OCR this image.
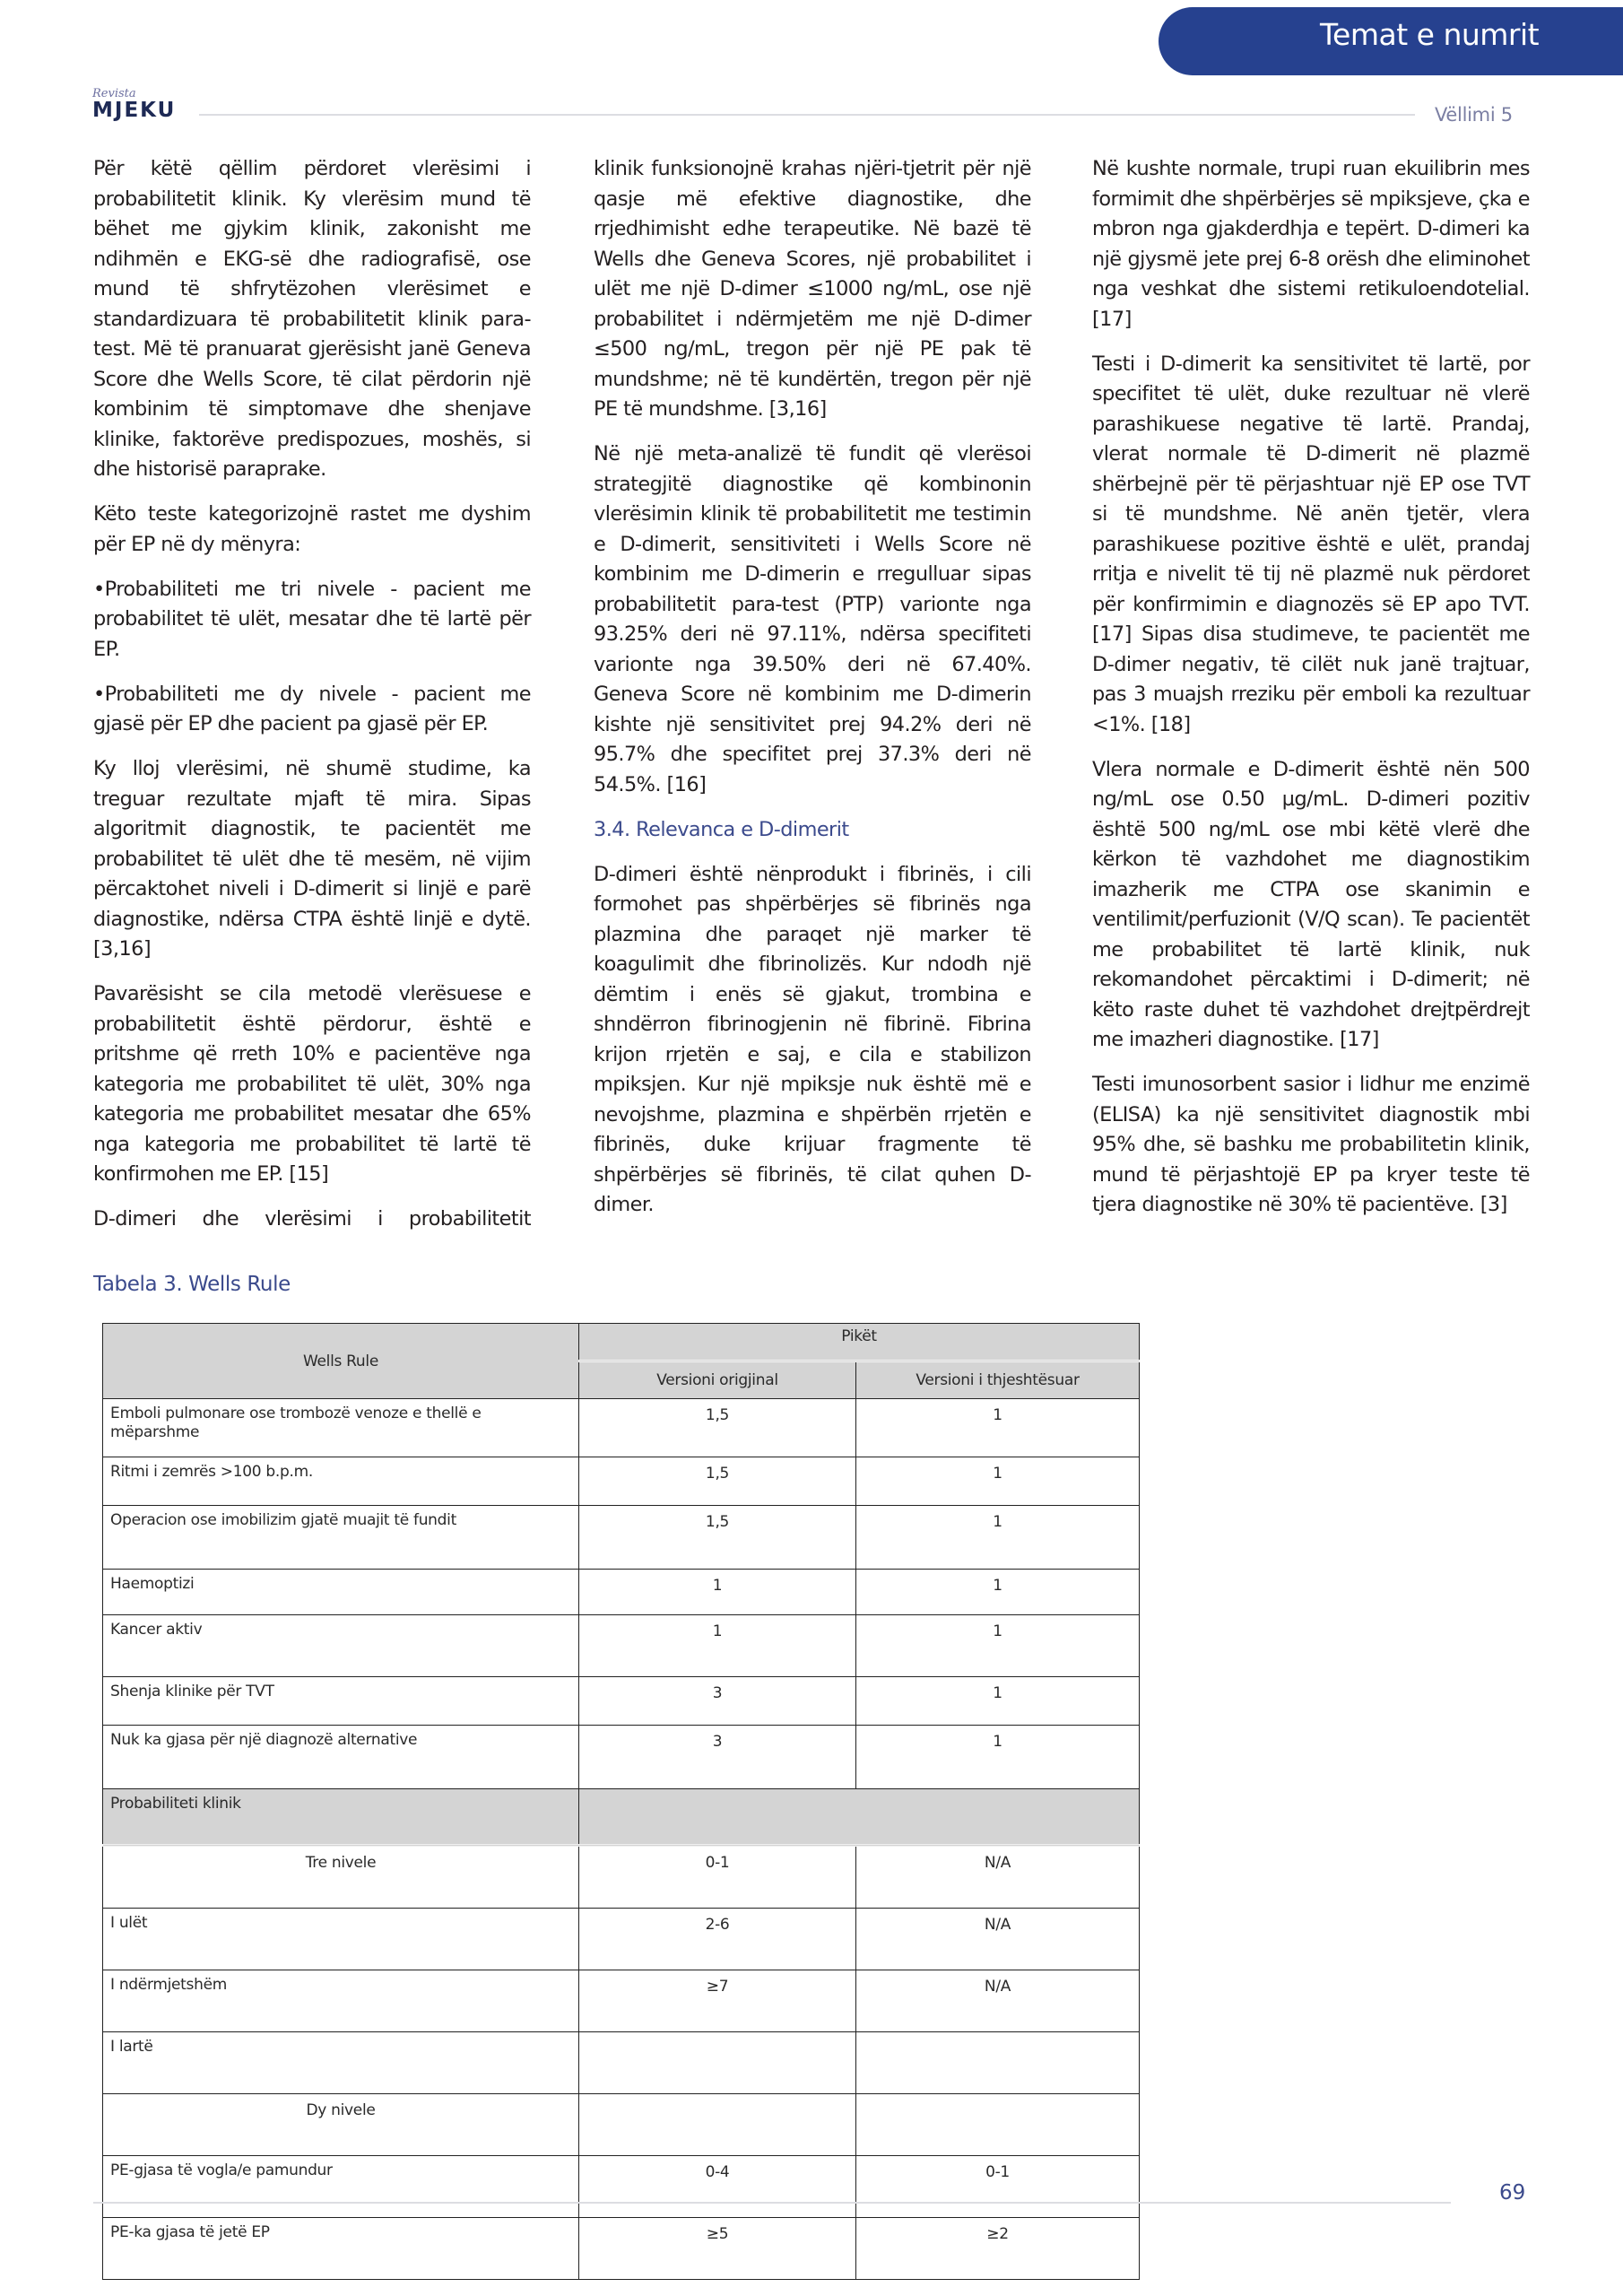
Temat e numrit
Revista
MJEKU	Vëllimi 5

Për këtë qëllim përdoret vlerësimi i probabilitetit klinik. Ky vlerësim mund të bëhet me gjykim klinik, zakonisht me ndihmën e EKG-së dhe radiografisë, ose mund të shfrytëzohen vlerësimet e standardizuara të probabilitetit klinik para-test. Më të pranuarat gjerësisht janë Geneva Score dhe Wells Score, të cilat përdorin një kombinim të simptomave dhe shenjave klinike, faktorëve predispozues, moshës, si dhe historisë paraprake.

Këto teste kategorizojnë rastet me dyshim për EP në dy mënyra:

•Probabiliteti me tri nivele - pacient me probabilitet të ulët, mesatar dhe të lartë për EP.

•Probabiliteti me dy nivele - pacient me gjasë për EP dhe pacient pa gjasë për EP.

Ky lloj vlerësimi, në shumë studime, ka treguar rezultate mjaft të mira. Sipas algoritmit diagnostik, te pacientët me probabilitet të ulët dhe të mesëm, në vijim përcaktohet niveli i D-dimerit si linjë e parë diagnostike, ndërsa CTPA është linjë e dytë. [3,16]

Pavarësisht se cila metodë vlerësuese e probabilitetit është përdorur, është e pritshme që rreth 10% e pacientëve nga kategoria me probabilitet të ulët, 30% nga kategoria me probabilitet mesatar dhe 65% nga kategoria me probabilitet të lartë të konfirmohen me EP. [15]

D-dimeri dhe vlerësimi i probabilitetit

klinik funksionojnë krahas njëri-tjetrit për një qasje më efektive diagnostike, dhe rrjedhimisht edhe terapeutike. Në bazë të Wells dhe Geneva Scores, një probabilitet i ulët me një D-dimer ≤1000 ng/mL, ose një probabilitet i ndërmjetëm me një D-dimer ≤500 ng/mL, tregon për një PE pak të mundshme; në të kundërtën, tregon për një PE të mundshme. [3,16]

Në një meta-analizë të fundit që vlerësoi strategjitë diagnostike që kombinonin vlerësimin klinik të probabilitetit me testimin e D-dimerit, sensitiviteti i Wells Score në kombinim me D-dimerin e rregulluar sipas probabilitetit para-test (PTP) varionte nga 93.25% deri në 97.11%, ndërsa specifiteti varionte nga 39.50% deri në 67.40%. Geneva Score në kombinim me D-dimerin kishte një sensitivitet prej 94.2% deri në 95.7% dhe specifitet prej 37.3% deri në 54.5%. [16]

3.4. Relevanca e D-dimerit

D-dimeri është nënprodukt i fibrinës, i cili formohet pas shpërbërjes së fibrinës nga plazmina dhe paraqet një marker të koagulimit dhe fibrinolizës. Kur ndodh një dëmtim i enës së gjakut, trombina e shndërron fibrinogjenin në fibrinë. Fibrina krijon rrjetën e saj, e cila e stabilizon mpiksjen. Kur një mpiksje nuk është më e nevojshme, plazmina e shpërbën rrjetën e fibrinës, duke krijuar fragmente të shpërbërjes së fibrinës, të cilat quhen D-dimer.

Në kushte normale, trupi ruan ekuilibrin mes formimit dhe shpërbërjes së mpiksjeve, çka e mbron nga gjakderdhja e tepërt. D-dimeri ka një gjysmë jete prej 6-8 orësh dhe eliminohet nga veshkat dhe sistemi retikuloendotelial. [17]

Testi i D-dimerit ka sensitivitet të lartë, por specifitet të ulët, duke rezultuar në vlerë parashikuese negative të lartë. Prandaj, vlerat normale të D-dimerit në plazmë shërbejnë për të përjashtuar një EP ose TVT si të mundshme. Në anën tjetër, vlera parashikuese pozitive është e ulët, prandaj rritja e nivelit të tij në plazmë nuk përdoret për konfirmimin e diagnozës së EP apo TVT. [17] Sipas disa studimeve, te pacientët me D-dimer negativ, të cilët nuk janë trajtuar, pas 3 muajsh rreziku për emboli ka rezultuar <1%. [18]

Vlera normale e D-dimerit është nën 500 ng/mL ose 0.50 µg/mL. D-dimeri pozitiv është 500 ng/mL ose mbi këtë vlerë dhe kërkon të vazhdohet me diagnostikim imazherik me CTPA ose skanimin e ventilimit/perfuzionit (V/Q scan). Te pacientët me probabilitet të lartë klinik, nuk rekomandohet përcaktimi i D-dimerit; në këto raste duhet të vazhdohet drejtpërdrejt me imazheri diagnostike. [17]

Testi imunosorbent sasior i lidhur me enzimë (ELISA) ka një sensitivitet diagnostik mbi 95% dhe, së bashku me probabilitetin klinik, mund të përjashtojë EP pa kryer teste të tjera diagnostike në 30% të pacientëve. [3]

Tabela 3. Wells Rule
Wells Rule	Pikët	
	Versioni origjinal	Versioni i thjeshtësuar
Emboli pulmonare ose trombozë venoze e thellë e mëparshme	1,5	1
Ritmi i zemrës >100 b.p.m.	1,5	1
Operacion ose imobilizim gjatë muajit të fundit	1,5	1
Haemoptizi	1	1
Kancer aktiv	1	1
Shenja klinike për TVT	3	1
Nuk ka gjasa për një diagnozë alternative	3	1
Probabiliteti klinik		
Tre nivele	0-1	N/A
I ulët	2-6	N/A
I ndërmjetshëm	≥7	N/A
I lartë		
Dy nivele		
PE-gjasa të vogla/e pamundur	0-4	0-1
PE-ka gjasa të jetë EP	≥5	≥2
69
